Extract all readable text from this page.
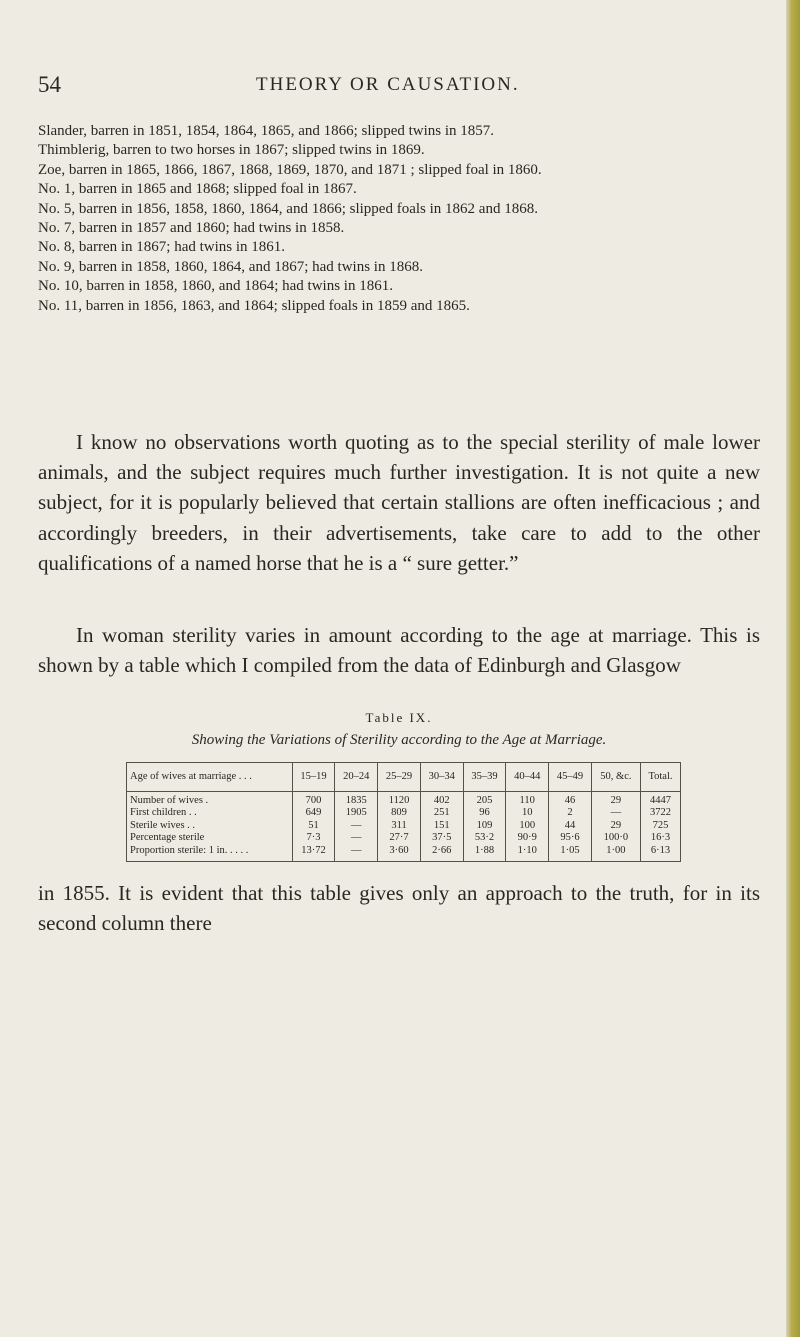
54	THEORY OR CAUSATION.

Slander, barren in 1851, 1854, 1864, 1865, and 1866; slipped twins in 1857.

Thimblerig, barren to two horses in 1867; slipped twins in 1869.

Zoe, barren in 1865, 1866, 1867, 1868, 1869, 1870, and 1871 ; slipped foal in 1860.

No. 1, barren in 1865 and 1868; slipped foal in 1867.

No. 5, barren in 1856, 1858, 1860, 1864, and 1866; slipped foals in 1862 and 1868.

No. 7, barren in 1857 and 1860; had twins in 1858.

No. 8, barren in 1867; had twins in 1861.

No. 9, barren in 1858, 1860, 1864, and 1867; had twins in 1868.

No. 10, barren in 1858, 1860, and 1864; had twins in 1861.

No. 11, barren in 1856, 1863, and 1864; slipped foals in 1859 and 1865.

I know no observations worth quoting as to the special sterility of male lower animals, and the subject requires much further investigation. It is not quite a new subject, for it is popularly believed that certain stallions are often inefficacious ; and accordingly breeders, in their advertisements, take care to add to the other qualifications of a named horse that he is a “ sure getter.”

In woman sterility varies in amount according to the age at marriage. This is shown by a table which I compiled from the data of Edinburgh and Glasgow

Table IX.
Showing the Variations of Sterility according to the Age at Marriage.
Age of wives at marriage . . .	15–19	20–24	25–29	30–34	35–39	40–44	45–49	50, &c.	Total.
Number of wives .	700	1835	1120	402	205	110	46	29	4447
First children . .	649	1905	809	251	96	10	2	—	3722
Sterile wives . .	51	—	311	151	109	100	44	29	725
Percentage sterile	7·3	—	27·7	37·5	53·2	90·9	95·6	100·0	16·3
Proportion sterile: 1 in. . . . .	13·72	—	3·60	2·66	1·88	1·10	1·05	1·00	6·13

in 1855. It is evident that this table gives only an approach to the truth, for in its second column there
